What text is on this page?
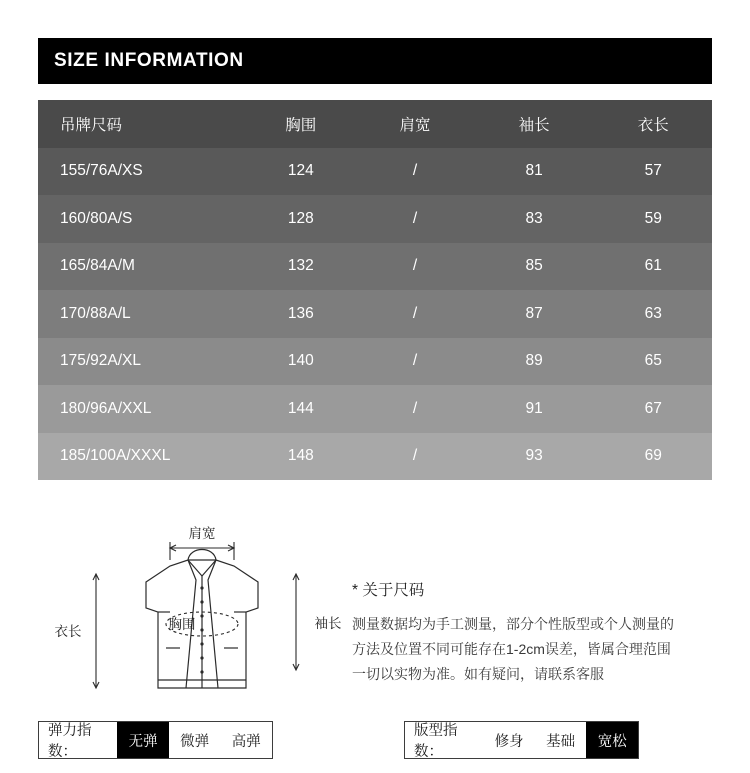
SIZE INFORMATION
吊牌尺码	胸围	肩宽	袖长	衣长
155/76A/XS	124	/	81	57
160/80A/S	128	/	83	59
165/84A/M	132	/	85	61
170/88A/L	136	/	87	63
175/92A/XL	140	/	89	65
180/96A/XXL	144	/	91	67
185/100A/XXXL	148	/	93	69
肩宽
衣长
袖长
胸围
* 关于尺码
测量数据均为手工测量，部分个性版型或个人测量的方法及位置不同可能存在1-2cm误差，皆属合理范围一切以实物为准。如有疑问，请联系客服
弹力指数：
无弹	微弹	高弹
版型指数：
修身	基础	宽松
